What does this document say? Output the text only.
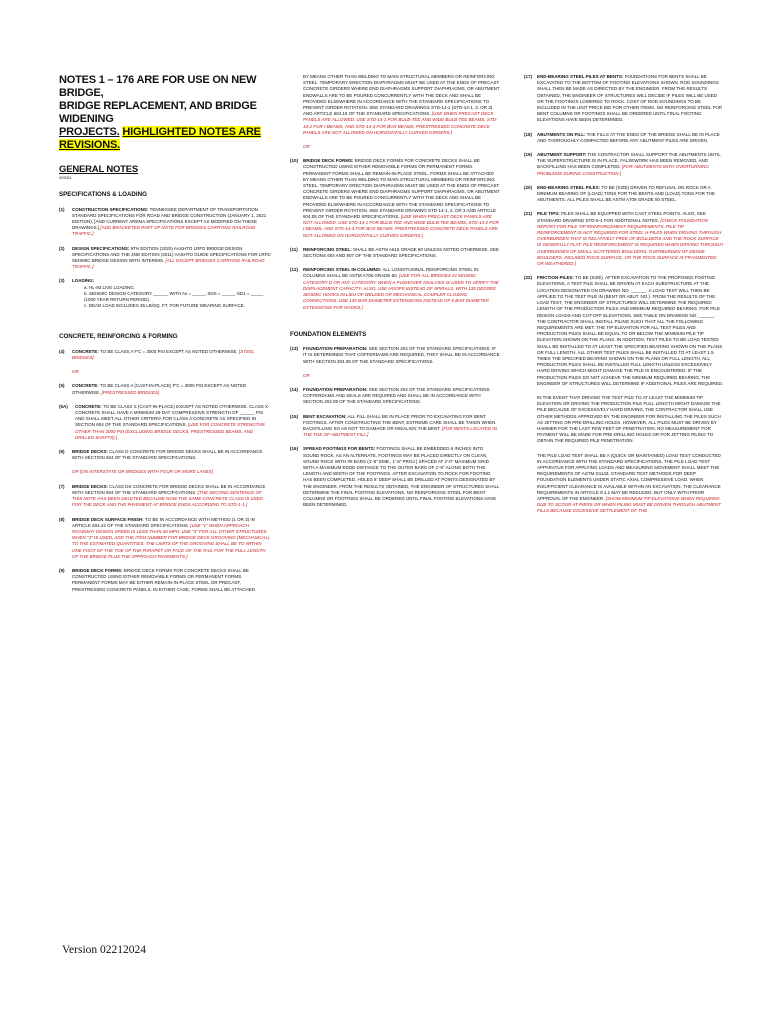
NOTES 1 – 176 ARE FOR USE ON NEW BRIDGE,
BRIDGE REPLACEMENT, AND BRIDGE WIDENING
PROJECTS. HIGHLIGHTED NOTES ARE REVISIONS.
GENERAL NOTES
02/2024
SPECIFICATIONS & LOADING
(1) CONSTRUCTION SPECIFICATIONS: TENNESSEE DEPARTMENT OF TRANSPORTATION STANDARD SPECIFICATIONS FOR ROAD AND BRIDGE CONSTRUCTION (JANUARY 1, 2021 EDITION), [AND CURRENT AREMA SPECIFICATIONS EXCEPT AS MODIFIED ON THESE DRAWINGS.] [ADD BRACKETED PART OF NOTE FOR BRIDGES CARRYING RAILROAD TRAFFIC.]
(2) DESIGN SPECIFICATIONS: 9TH EDITION (2020) AASHTO LRFD BRIDGE DESIGN SPECIFICATIONS AND THE 2ND EDITION (2011) AASHTO GUIDE SPECIFICATIONS FOR LRFD SEISMIC BRIDGE DESIGN WITH INTERIMS. [ALL EXCEPT BRIDGES CARRYING RAILROAD TRAFFIC.]
(3) LOADING:
a. HL-93 LIVE LOADING.
b. SEISMIC DESIGN CATEGORY ______ WITH As = _____, SDS = _____, SD1 = _____ (1000 YEAR RETURN PERIOD).
c. DEAD LOAD INCLUDES 35 LB/SQ. FT. FOR FUTURE WEARING SURFACE.
CONCRETE, REINFORCING & FORMING
(4) CONCRETE: TO BE CLASS A F'C = 3000 PSI EXCEPT AS NOTED OTHERWISE. [STEEL BRIDGES]
OR
(5) CONCRETE: TO BE CLASS A (CAST-IN-PLACE) F'C = 3000 PSI EXCEPT AS NOTED OTHERWISE. [PRESTRESSED BRIDGES]
(5A) CONCRETE: TO BE CLASS X (CAST-IN-PLACE) EXCEPT AS NOTED OTHERWISE. CLASS X CONCRETE SHALL HAVE A MINIMUM 28-DAY COMPRESSIVE STRENGTH OF ______ PSI AND SHALL MEET ALL OTHER CRITERIA FOR CLASS A CONCRETE AS SPECIFIED IN SECTION 604 OF THE STANDARD SPECIFICATIONS. [USE FOR CONCRETE STRENGTHS OTHER THAN 3000 PSI (EXCLUDING BRIDGE DECKS, PRESTRESSED BEAMS, AND DRILLED SHAFTS).]
(6) BRIDGE DECKS: CLASS D CONCRETE FOR BRIDGE DECKS SHALL BE IN ACCORDANCE WITH SECTION 604 OF THE STANDARD SPECIFICATIONS.
OR [ON INTERSTATE OR BRIDGES WITH FOUR OR MORE LANES]
(7) BRIDGE DECKS: CLASS DS CONCRETE FOR BRIDGE DECKS SHALL BE IN ACCORDANCE WITH SECTION 604 OF THE STANDARD SPECIFICATIONS. [THE SECOND SENTENCE OF THIS NOTE HAS BEEN DELETED BECAUSE NOW THE SAME CONCRETE CLASS IS USED FOR THE DECK AND THE PAVEMENT AT BRIDGE ENDS ACCORDING TO STD-1-1.]
(8) BRIDGE DECK SURFACE FINISH: TO BE IN ACCORDANCE WITH METHOD (1 OR 3) IN ARTICLE 604.22 OF THE STANDARD SPECIFICATIONS. [USE "1" WHEN APPROACH ROADWAY DESIGN SPEED IS LESS THAN 40 MPH. USE "3" FOR ALL OTHER STRUCTURES. WHEN "3" IS USED, ADD THE ITEM NUMBER FOR BRIDGE DECK GROOVING (MECHANICAL) TO THE ESTIMATED QUANTITIES. THE LIMITS OF THE GROOVING SHALL BE TO WITHIN ONE FOOT OF THE TOE OF THE PARAPET OR FACE OF THE RAIL FOR THE FULL LENGTH OF THE BRIDGE PLUS THE APPROACH PAVEMENTS.]
(9) BRIDGE DECK FORMS: BRIDGE DECK FORMS FOR CONCRETE DECKS SHALL BE CONSTRUCTED USING EITHER REMOVABLE FORMS OR PERMANENT FORMS. PERMANENT FORMS MAY BE EITHER REMAIN-IN-PLACE STEEL OR PRECAST, PRESTRESSED CONCRETE PANELS. IN EITHER CASE, FORMS SHALL BE ATTACHED
BY MEANS OTHER THAN WELDING TO MAIN STRUCTURAL MEMBERS OR REINFORCING STEEL. TEMPORARY ERECTION DIAPHRAGMS MUST BE USED AT THE ENDS OF PRECAST CONCRETE GIRDERS WHERE END DIAPHRAGMS SUPPORT DIAPHRAGMS, OR ABUTMENT ENDWALLS ARE TO BE POURED CONCURRENTLY WITH THE DECK AND SHALL BE PROVIDED ELSEWHERE IN ACCORDANCE WITH THE STANDARD SPECIFICATIONS TO PREVENT GIRDER ROTATION. SEE STANDARD DRAWINGS STD-14-1 (STD-14-1, 2, OR 3) AND ARTICLE 604.15 OF THE STANDARD SPECIFICATIONS. [USE WHEN PRECAST DECK PANELS ARE ALLOWED. USE STD-14-1 FOR BULB-TEE AND WIDE BULB-TEE BEAMS, STD-14-2 FOR I-BEAMS, AND STD-14-3 FOR BOX BEAMS. PRESTRESSED CONCRETE DECK PANELS ARE NOT ALLOWED ON HORIZONTALLY CURVED GIRDERS.]
OR
(10) BRIDGE DECK FORMS: BRIDGE DECK FORMS FOR CONCRETE DECKS SHALL BE CONSTRUCTED USING EITHER REMOVABLE FORMS OR PERMANENT FORMS. PERMANENT FORMS SHALL BE REMAIN-IN-PLACE STEEL. FORMS SHALL BE ATTACHED BY MEANS OTHER THAN WELDING TO MAIN STRUCTURAL MEMBERS OR REINFORCING STEEL. TEMPORARY ERECTION DIAPHRAGMS MUST BE USED AT THE ENDS OF PRECAST CONCRETE GIRDERS WHERE END DIAPHRAGMS SUPPORT DIAPHRAGMS, OR ABUTMENT ENDWALLS ARE TO BE POURED CONCURRENTLY WITH THE DECK AND SHALL BE PROVIDED ELSEWHERE IN ACCORDANCE WITH THE STANDARD SPECIFICATIONS TO PREVENT GIRDER ROTATION. SEE STANDARD DRAWING STD-14-1, 2, OR 3 AND ARTICLE 604.05 OF THE STANDARD SPECIFICATIONS. [USE WHEN PRECAST DECK PANELS ARE NOT ALLOWED. USE STD-14-1 FOR BULB-TEE AND WIDE BULB-TEE BEAMS, STD-14-2 FOR I-BEAMS, AND STD-14-3 FOR BOX BEAMS. PRESTRESSED CONCRETE DECK PANELS ARE NOT ALLOWED ON HORIZONTALLY CURVED GIRDERS.]
(11) REINFORCING STEEL: SHALL BE ASTM A615 GRADE 60 UNLESS NOTED OTHERWISE. SEE SECTIONS 604 AND 907 OF THE STANDARD SPECIFICATIONS.
(12) REINFORCING STEEL IN COLUMNS: ALL LONGITUDINAL REINFORCING STEEL IN COLUMNS SHALL BE ASTM A706 GRADE 60. [USE FOR ALL BRIDGES IN SEISMIC CATEGORY D OR ANY CATEGORY WHEN A PUSHOVER ANALYSIS IS USED TO VERIFY THE DISPLACEMENT CAPACITY. ALSO, USE HOOPS INSTEAD OF SPIRALS, WITH 135 DEGREE SEISMIC HOOKS IN LIEU OF WELDED OR MECHANICAL COUPLER CLOSING CONNECTIONS. USE 135 BAR DIAMETER EXTENSIONS INSTEAD OF 6 BAR DIAMETER EXTENSIONS FOR HOOKS.]
FOUNDATION ELEMENTS
(13) FOUNDATION PREPARATION: SEE SECTION 204 OF THE STANDARD SPECIFICATIONS. IF IT IS DETERMINED THAT COFFERDAMS ARE REQUIRED, THEY SHALL BE IN ACCORDANCE WITH SECTION 204.09 OF THE STANDARD SPECIFICATIONS.
OR
(14) FOUNDATION PREPARATION: SEE SECTION 204 OF THE STANDARD SPECIFICATIONS. COFFERDAMS AND SEALS ARE REQUIRED AND SHALL BE IN ACCORDANCE WITH SECTION 204.09 OF THE STANDARD SPECIFICATIONS.
(15) BENT EXCAVATION: ALL FILL SHALL BE IN PLACE PRIOR TO EXCAVATING FOR BENT FOOTINGS. AFTER CONSTRUCTING THE BENT, EXTREME CARE SHALL BE TAKEN WHEN BACKFILLING SO AS NOT TO DAMAGE OR MISALIGN THE BENT. [FOR BENTS LOCATED IN THE TOE OF ABUTMENT FILL.]
(16) SPREAD FOOTINGS FOR BENTS: FOOTINGS SHALL BE EMBEDDED 6 INCHES INTO SOUND ROCK. AS AN ALTERNATE, FOOTINGS MAY BE PLACED DIRECTLY ON CLEAN, SOUND ROCK WITH #8 BARS (1'-6" EMB., 1'-6" PROJ.) SPACED AT 2'-0" MAXIMUM GRID WITH A MAXIMUM EDGE DISTANCE TO THE OUTER BARS OF 1'-6" ALONG BOTH THE LENGTH AND WIDTH OF THE FOOTINGS. AFTER EXCAVATION TO ROCK FOR FOOTING HAS BEEN COMPLETED, HOLES 6' DEEP SHALL BE DRILLED AT POINTS DESIGNATED BY THE ENGINEER. FROM THE RESULTS OBTAINED, THE ENGINEER OF STRUCTURES SHALL DETERMINE THE FINAL FOOTING ELEVATIONS. NO REINFORCING STEEL FOR BENT COLUMNS OR FOOTINGS SHALL BE ORDERED UNTIL FINAL FOOTING ELEVATIONS HAVE BEEN DETERMINED.
(17) END-BEARING STEEL PILES AT BENTS: FOUNDATIONS FOR BENTS SHALL BE EXCAVATED TO THE BOTTOM OF FOOTING ELEVATIONS SHOWN. ROD SOUNDINGS SHALL THEN BE MADE AS DIRECTED BY THE ENGINEER. FROM THE RESULTS OBTAINED, THE ENGINEER OF STRUCTURES WILL DECIDE IF PILES WILL BE USED OR THE FOOTINGS LOWERED TO ROCK. COST OF ROD SOUNDINGS TO BE INCLUDED IN THE UNIT PRICE BID FOR OTHER ITEMS. NO REINFORCING STEEL FOR BENT COLUMNS OR FOOTINGS SHALL BE ORDERED UNTIL FINAL FOOTING ELEVATIONS HAVE BEEN DETERMINED.
(18) ABUTMENTS ON FILL: THE FILLS AT THE ENDS OF THE BRIDGE SHALL BE IN PLACE AND THOROUGHLY COMPACTED BEFORE ANY ABUTMENT PILES ARE DRIVEN.
(19) ABUTMENT SUPPORT: THE CONTRACTOR SHALL SUPPORT THE ABUTMENTS UNTIL THE SUPERSTRUCTURE IS IN PLACE, FALSEWORK HAS BEEN REMOVED, AND BACKFILLING HAS BEEN COMPLETED. [FOR ABUTMENTS WITH OVERTURNING PROBLEMS DURING CONSTRUCTION.]
(20) END-BEARING STEEL PILES: TO BE (SIZE) DRIVEN TO REFUSAL ON ROCK OR A MINIMUM BEARING OF (LOAD) TONS FOR THE BENTS AND (LOAD) TONS FOR THE ABUTMENTS. ALL PILES SHALL BE ASTM A709 GRADE 50 STEEL.
(21) PILE TIPS: PILES SHALL BE EQUIPPED WITH CAST STEEL POINTS. ALSO, SEE STANDARD DRAWING STD-5-1 FOR ADDITIONAL NOTES. [CHECK FOUNDATION REPORT FOR PILE TIP REINFORCEMENT REQUIREMENTS. PILE TIP REINFORCEMENT IS NOT REQUIRED FOR STEEL H-PILES WHEN DRIVING THROUGH OVERBURDEN THAT IS RELATIVELY FREE OF BOULDERS AND THE ROCK SURFACE IS GENERALLY FLAT. PILE REINFORCEMENT IS REQUIRED WHEN DRIVING THROUGH OVERBURDEN OF SMALL SCATTERED BOULDERS, OVERBURDEN OF DENSE BOULDERS, INCLINED ROCK SURFACE, OR THE ROCK SURFACE IS FRAGMENTED OR WEATHERED.]
(22) FRICTION PILES: TO BE (SIZE). AFTER EXCAVATION TO THE PROPOSED FOOTING ELEVATIONS, A TEST PILE SHALL BE DRIVEN AT EACH SUBSTRUCTURE AT THE LOCATION DESIGNATED ON DRAWING NO. ______. A LOAD TEST WILL THEN BE APPLIED TO THE TEST PILE IN (BENT OR ABUT. NO.). FROM THE RESULTS OF THE LOAD TEST, THE ENGINEER OF STRUCTURES WILL DETERMINE THE REQUIRED LENGTH OF THE PRODUCTION PILES AND MINIMUM REQUIRED BEARING. FOR PILE DESIGN LOADS AND CUT-OFF ELEVATIONS, SEE TABLE ON DRAWING NO. ______.
THE CONTRACTOR SHALL INSTALL PILING SUCH THAT ALL THE FOLLOWING REQUIREMENTS ARE MET. THE TIP ELEVATION FOR ALL TEST PILES AND PRODUCTION PILES SHALL BE EQUAL TO OR BELOW THE MINIMUM PILE TIP ELEVATION SHOWN ON THE PLANS. IN ADDITION, TEST PILES TO BE LOAD TESTED SHALL BE INSTALLED TO AT LEAST THE SPECIFIED BEARING SHOWN ON THE PLANS OR FULL LENGTH. ALL OTHER TEST PILES SHALL BE INSTALLED TO AT LEAST 1.5 TIMES THE SPECIFIED BEARING SHOWN ON THE PLANS OR FULL LENGTH. ALL PRODUCTION PILES SHALL BE INSTALLED FULL LENGTH UNLESS EXCESSIVELY HARD DRIVING WHICH MIGHT DAMAGE THE PILE IS ENCOUNTERED. IF THE PRODUCTION PILES DO NOT ACHIEVE THE MINIMUM REQUIRED BEARING, THE ENGINEER OF STRUCTURES WILL DETERMINE IF ADDITIONAL PILES ARE REQUIRED.
IN THE EVENT THAT DRIVING THE TEST PILE TO AT LEAST THE MINIMUM TIP ELEVATION OR DRIVING THE PRODUCTION PILE FULL LENGTH MIGHT DAMAGE THE PILE BECAUSE OF EXCESSIVELY HARD DRIVING, THE CONTRACTOR SHALL USE OTHER METHODS APPROVED BY THE ENGINEER FOR INSTALLING THE PILES SUCH AS JETTING OR PRE-DRILLING HOLES. HOWEVER, ALL PILES MUST BE DRIVEN BY HAMMER FOR THE LAST FEW FEET OF PENETRATION. NO MEASUREMENT FOR PAYMENT WILL BE MADE FOR PRE-DRILLING HOLES OR FOR JETTING PILING TO OBTAIN THE REQUIRED PILE PENETRATION.
THE PILE LOAD TEST SHALL BE A (QUICK OR MAINTAINED) LOAD TEST CONDUCTED IN ACCORDANCE WITH THE STANDARD SPECIFICATIONS. THE PILE LOAD TEST APPARATUS FOR APPLYING LOADS AND MEASURING MOVEMENT SHALL MEET THE REQUIREMENTS OF ASTM D1143, STANDARD TEST METHODS FOR DEEP FOUNDATION ELEMENTS UNDER STATIC AXIAL COMPRESSIVE LOAD. WHEN INSUFFICIENT CLEARANCE IS AVAILABLE WITHIN AN EXCAVATION, THE CLEARANCE REQUIREMENTS IN ARTICLE 9.1.1 MAY BE REDUCED, BUT ONLY WITH PRIOR APPROVAL OF THE ENGINEER. [SHOW MINIMUM TIP ELEVATIONS WHEN REQUIRED DUE TO SCOUR AT PIERS OR WHEN PILING MUST BE DRIVEN THROUGH ABUTMENT FILLS BECAUSE EXCESSIVE SETTLEMENT OF THE
Version 02212024
